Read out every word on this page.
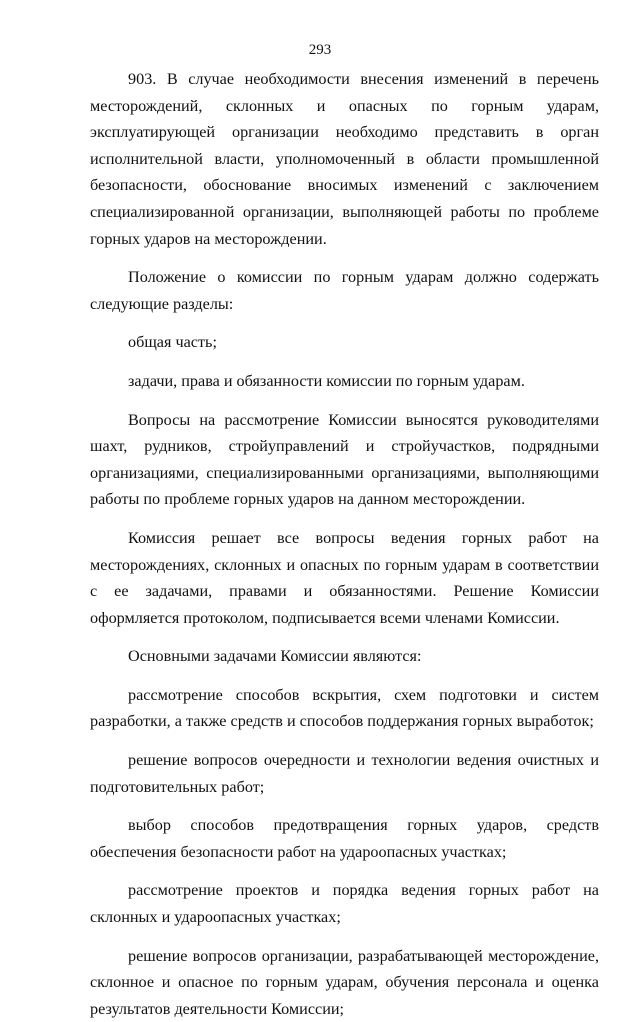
293

903. В случае необходимости внесения изменений в перечень месторождений, склонных и опасных по горным ударам, эксплуатирующей организации необходимо представить в орган исполнительной власти, уполномоченный в области промышленной безопасности, обоснование вносимых изменений с заключением специализированной организации, выполняющей работы по проблеме горных ударов на месторождении.

Положение о комиссии по горным ударам должно содержать следующие разделы:

общая часть;

задачи, права и обязанности комиссии по горным ударам.

Вопросы на рассмотрение Комиссии выносятся руководителями шахт, рудников, стройуправлений и стройучастков, подрядными организациями, специализированными организациями, выполняющими работы по проблеме горных ударов на данном месторождении.

Комиссия решает все вопросы ведения горных работ на месторождениях, склонных и опасных по горным ударам в соответствии с ее задачами, правами и обязанностями. Решение Комиссии оформляется протоколом, подписывается всеми членами Комиссии.

Основными задачами Комиссии являются:

рассмотрение способов вскрытия, схем подготовки и систем разработки, а также средств и способов поддержания горных выработок;

решение вопросов очередности и технологии ведения очистных и подготовительных работ;

выбор способов предотвращения горных ударов, средств обеспечения безопасности работ на удароопасных участках;

рассмотрение проектов и порядка ведения горных работ на склонных и удароопасных участках;

решение вопросов организации, разрабатывающей месторождение, склонное и опасное по горным ударам, обучения персонала и оценка результатов деятельности Комиссии;
